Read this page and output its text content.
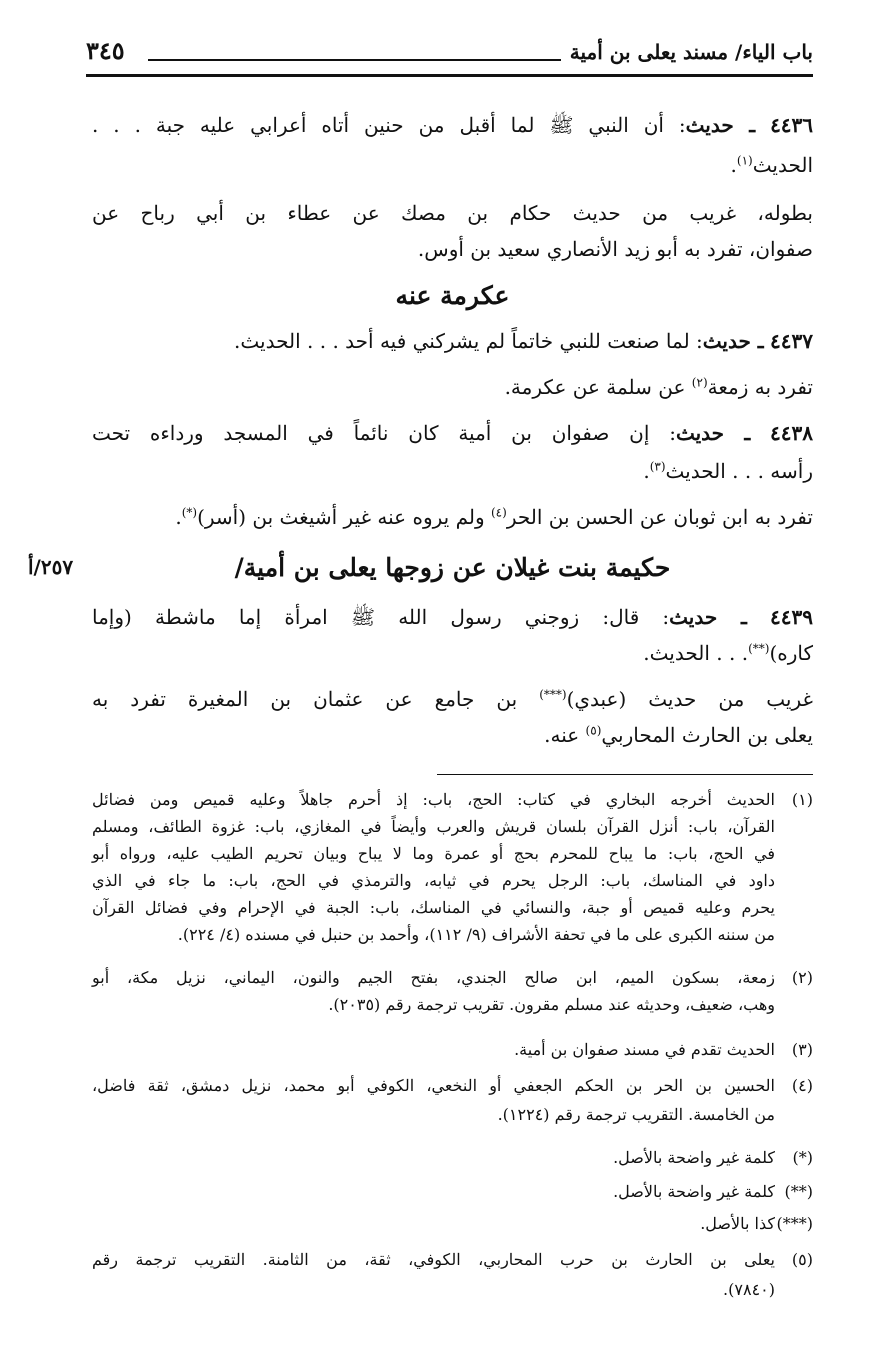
باب الياء/ مسند يعلى بن أمية
٣٤٥
٤٤٣٦ ـ حديث: أن النبي ﷺ لما أقبل من حنين أتاه أعرابي عليه جبة . . .
الحديث$^{(١)}$.
بطوله، غريب من حديث حكام بن مصك عن عطاء بن أبي رباح عن
صفوان، تفرد به أبو زيد الأنصاري سعيد بن أوس.
عكرمة عنه
٤٤٣٧ ـ حديث: لما صنعت للنبي خاتماً لم يشركني فيه أحد . . . الحديث.
تفرد به زمعة$^{(٢)}$ عن سلمة عن عكرمة.
٤٤٣٨ ـ حديث: إن صفوان بن أمية كان نائماً في المسجد ورداءه تحت
رأسه . . . الحديث$^{(٣)}$.
تفرد به ابن ثوبان عن الحسن بن الحر$^{(٤)}$ ولم يروه عنه غير أشيغث بن (أسر)(*).
حكيمة بنت غيلان عن زوجها يعلى بن أمية/
٢٥٧/أ
٤٤٣٩ ـ حديث: قال: زوجني رسول الله ﷺ امرأة إما ماشطة (وإما
كاره)(**). . . الحديث.
غريب من حديث (عبدي)(***) بن جامع عن عثمان بن المغيرة تفرد به
يعلى بن الحارث المحاربي$^{(٥)}$ عنه.
(١)الحديث أخرجه البخاري في كتاب: الحج، باب: إذ أحرم جاهلاً وعليه قميص ومن فضائل
القرآن، باب: أنزل القرآن بلسان قريش والعرب وأيضاً في المغازي، باب: غزوة الطائف، ومسلم
في الحج، باب: ما يباح للمحرم بحج أو عمرة وما لا يباح وبيان تحريم الطيب عليه، ورواه أبو
داود في المناسك، باب: الرجل يحرم في ثيابه، والترمذي في الحج، باب: ما جاء في الذي
يحرم وعليه قميص أو جبة، والنسائي في المناسك، باب: الجبة في الإحرام وفي فضائل القرآن
من سننه الكبرى على ما في تحفة الأشراف (٩/ ١١٢)، وأحمد بن حنبل في مسنده (٤/ ٢٢٤).
(٢)زمعة، بسكون الميم، ابن صالح الجندي، بفتح الجيم والنون، اليماني، نزيل مكة، أبو
وهب، ضعيف، وحديثه عند مسلم مقرون. تقريب ترجمة رقم (٢٠٣٥).
(٣)الحديث تقدم في مسند صفوان بن أمية.
(٤)الحسين بن الحر بن الحكم الجعفي أو النخعي، الكوفي أبو محمد، نزيل دمشق، ثقة فاضل،
من الخامسة. التقريب ترجمة رقم (١٢٢٤).
(*)كلمة غير واضحة بالأصل.
(**)كلمة غير واضحة بالأصل.
(***)كذا بالأصل.
(٥)يعلى بن الحارث بن حرب المحاربي، الكوفي، ثقة، من الثامنة. التقريب ترجمة رقم
(٧٨٤٠).
